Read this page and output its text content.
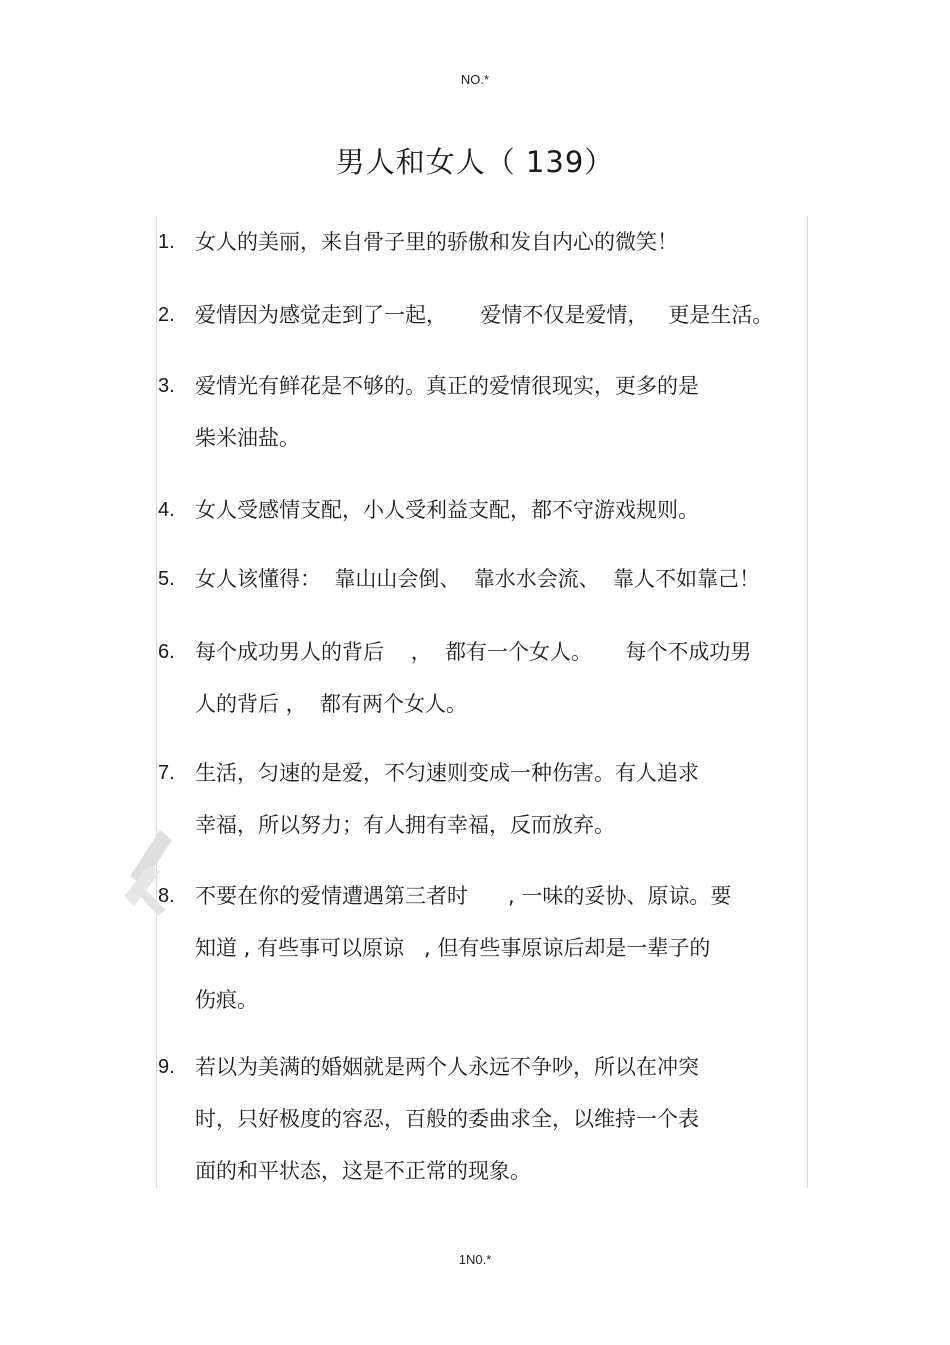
NO.*
男人和女人（ 139）
1. 女人的美丽，来自骨子里的骄傲和发自内心的微笑！
2. 爱情因为感觉走到了一起，     爱情不仅是爱情，   更是生活。
3. 爱情光有鲜花是不够的。真正的爱情很现实，更多的是
柴米油盐。
4. 女人受感情支配，小人受利益支配，都不守游戏规则。
5. 女人该懂得：  靠山山会倒、  靠水水会流、  靠人不如靠己！
6. 每个成功男人的背后    ，  都有一个女人。     每个不成功男
人的背后 ，  都有两个女人。
7. 生活，匀速的是爱，不匀速则变成一种伤害。有人追求
幸福，所以努力；有人拥有幸福，反而放弃。
8. 不要在你的爱情遭遇第三者时      , 一味的妥协、原谅。要
知道 , 有些事可以原谅   , 但有些事原谅后却是一辈子的
伤痕。
9. 若以为美满的婚姻就是两个人永远不争吵，所以在冲突
时，只好极度的容忍，百般的委曲求全，以维持一个表
面的和平状态，这是不正常的现象。
1N0.*
